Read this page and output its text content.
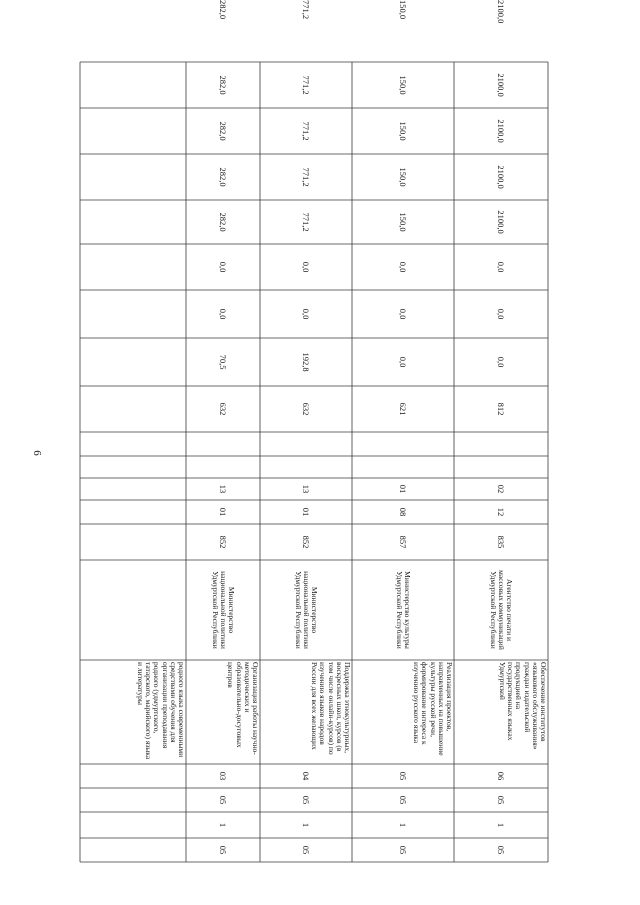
6
родного языка современными средствами обучения для организации преподавания родного (удмуртского, татарского, марийского) языка и литературы
05
1
05
03
Организация работы научно-методических и образовательно-досуговых центров
Министерство национальной политики Удмуртской Республики
852
01
13
632
70,5
0,0
0,0
282,0
282,0
282,0
282,0
282,0
05
1
05
04
Поддержка этнокультурных, воскресных школ, курсов (в том числе онлайн-курсов) по изучению языков народов России для всех желающих
Министерство национальной политики Удмуртской Республики
852
01
13
632
192,8
0,0
0,0
771,2
771,2
771,2
771,2
771,2
05
1
05
05
Реализация проектов, направленных на повышение культуры русской речи, формирование интереса к изучению русского языка
Министерство культуры Удмуртской Республики
857
08
01
621
0,0
0,0
0,0
150,0
150,0
150,0
150,0
150,0
05
1
05
06
Обеспечение институтов «языкового обслуживания» граждан издательской продукцией на государственных языках Удмуртской
Агентство печати и массовых коммуникаций Удмуртской Республики
835
12
02
812
0,0
0,0
0,0
2100,0
2100,0
2100,0
2100,0
2100,0
